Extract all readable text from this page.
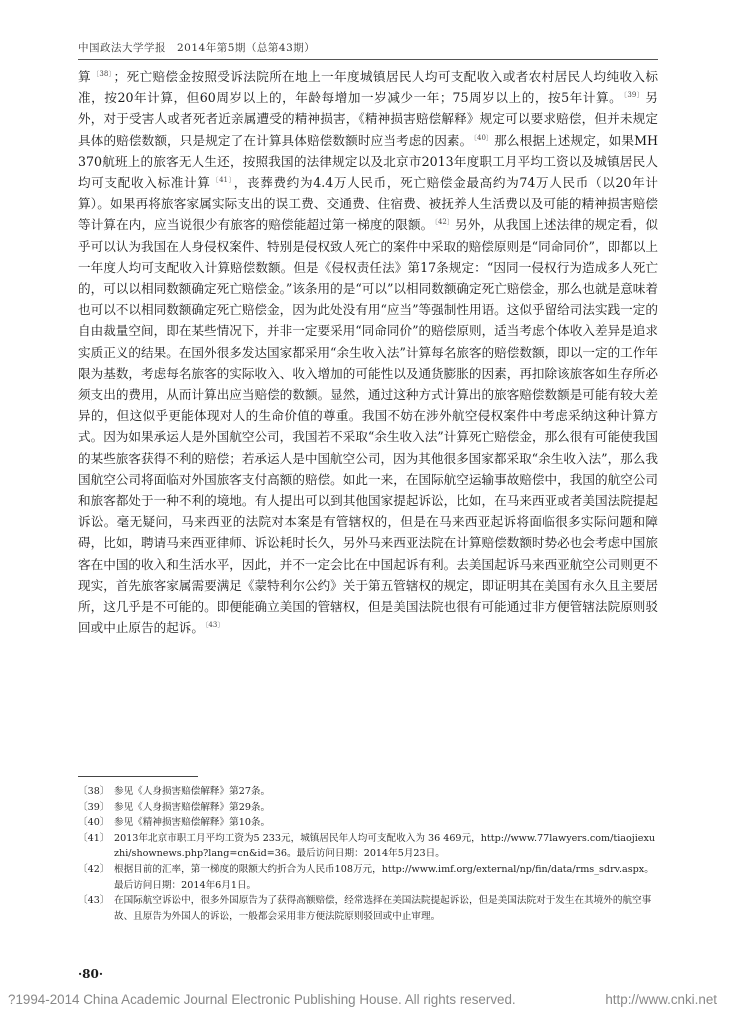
中国政法大学学报　2014年第5期（总第43期）

算$^{〔38〕}$；死亡赔偿金按照受诉法院所在地上一年度城镇居民人均可支配收入或者农村居民人均纯收入标准，按20年计算，但60周岁以上的，年龄每增加一岁减少一年；75周岁以上的，按5年计算。$^{〔39〕}$另外，对于受害人或者死者近亲属遭受的精神损害，《精神损害赔偿解释》规定可以要求赔偿，但并未规定具体的赔偿数额，只是规定了在计算具体赔偿数额时应当考虑的因素。$^{〔40〕}$那么根据上述规定，如果MH370航班上的旅客无人生还，按照我国的法律规定以及北京市2013年度职工月平均工资以及城镇居民人均可支配收入标准计算$^{〔41〕}$，丧葬费约为4.4万人民币，死亡赔偿金最高约为74万人民币（以20年计算）。如果再将旅客家属实际支出的误工费、交通费、住宿费、被抚养人生活费以及可能的精神损害赔偿等计算在内，应当说很少有旅客的赔偿能超过第一梯度的限额。$^{〔42〕}$另外，从我国上述法律的规定看，似乎可以认为我国在人身侵权案件、特别是侵权致人死亡的案件中采取的赔偿原则是“同命同价”，即都以上一年度人均可支配收入计算赔偿数额。但是《侵权责任法》第17条规定：“因同一侵权行为造成多人死亡的，可以以相同数额确定死亡赔偿金。”该条用的是“可以”以相同数额确定死亡赔偿金，那么也就是意味着也可以不以相同数额确定死亡赔偿金，因为此处没有用“应当”等强制性用语。这似乎留给司法实践一定的自由裁量空间，即在某些情况下，并非一定要采用“同命同价”的赔偿原则，适当考虑个体收入差异是追求实质正义的结果。在国外很多发达国家都采用“余生收入法”计算每名旅客的赔偿数额，即以一定的工作年限为基数，考虑每名旅客的实际收入、收入增加的可能性以及通货膨胀的因素，再扣除该旅客如生存所必须支出的费用，从而计算出应当赔偿的数额。显然，通过这种方式计算出的旅客赔偿数额是可能有较大差异的，但这似乎更能体现对人的生命价值的尊重。我国不妨在涉外航空侵权案件中考虑采纳这种计算方式。因为如果承运人是外国航空公司，我国若不采取“余生收入法”计算死亡赔偿金，那么很有可能使我国的某些旅客获得不利的赔偿；若承运人是中国航空公司，因为其他很多国家都采取“余生收入法”，那么我国航空公司将面临对外国旅客支付高额的赔偿。如此一来，在国际航空运输事故赔偿中，我国的航空公司和旅客都处于一种不利的境地。有人提出可以到其他国家提起诉讼，比如，在马来西亚或者美国法院提起诉讼。毫无疑问，马来西亚的法院对本案是有管辖权的，但是在马来西亚起诉将面临很多实际问题和障碍，比如，聘请马来西亚律师、诉讼耗时长久，另外马来西亚法院在计算赔偿数额时势必也会考虑中国旅客在中国的收入和生活水平，因此，并不一定会比在中国起诉有利。去美国起诉马来西亚航空公司则更不现实，首先旅客家属需要满足《蒙特利尔公约》关于第五管辖权的规定，即证明其在美国有永久且主要居所，这几乎是不可能的。即便能确立美国的管辖权，但是美国法院也很有可能通过非方便管辖法院原则驳回或中止原告的起诉。$^{〔43〕}$

〔38〕 参见《人身损害赔偿解释》第27条。
〔39〕 参见《人身损害赔偿解释》第29条。
〔40〕 参见《精神损害赔偿解释》第10条。
〔41〕 2013年北京市职工月平均工资为5 233元，城镇居民年人均可支配收入为 36 469元，http://www.77lawyers.com/tiaojiexuzhi/shownews.php?lang=cn&id=36。最后访问日期：2014年5月23日。
〔42〕 根据目前的汇率，第一梯度的限额大约折合为人民币108万元，http://www.imf.org/external/np/fin/data/rms_sdrv.aspx。最后访问日期：2014年6月1日。
〔43〕 在国际航空诉讼中，很多外国原告为了获得高额赔偿，经常选择在美国法院提起诉讼，但是美国法院对于发生在其境外的航空事故、且原告为外国人的诉讼，一般都会采用非方便法院原则驳回或中止审理。
·80·
?1994-2014 China Academic Journal Electronic Publishing House. All rights reserved.	http://www.cnki.net
